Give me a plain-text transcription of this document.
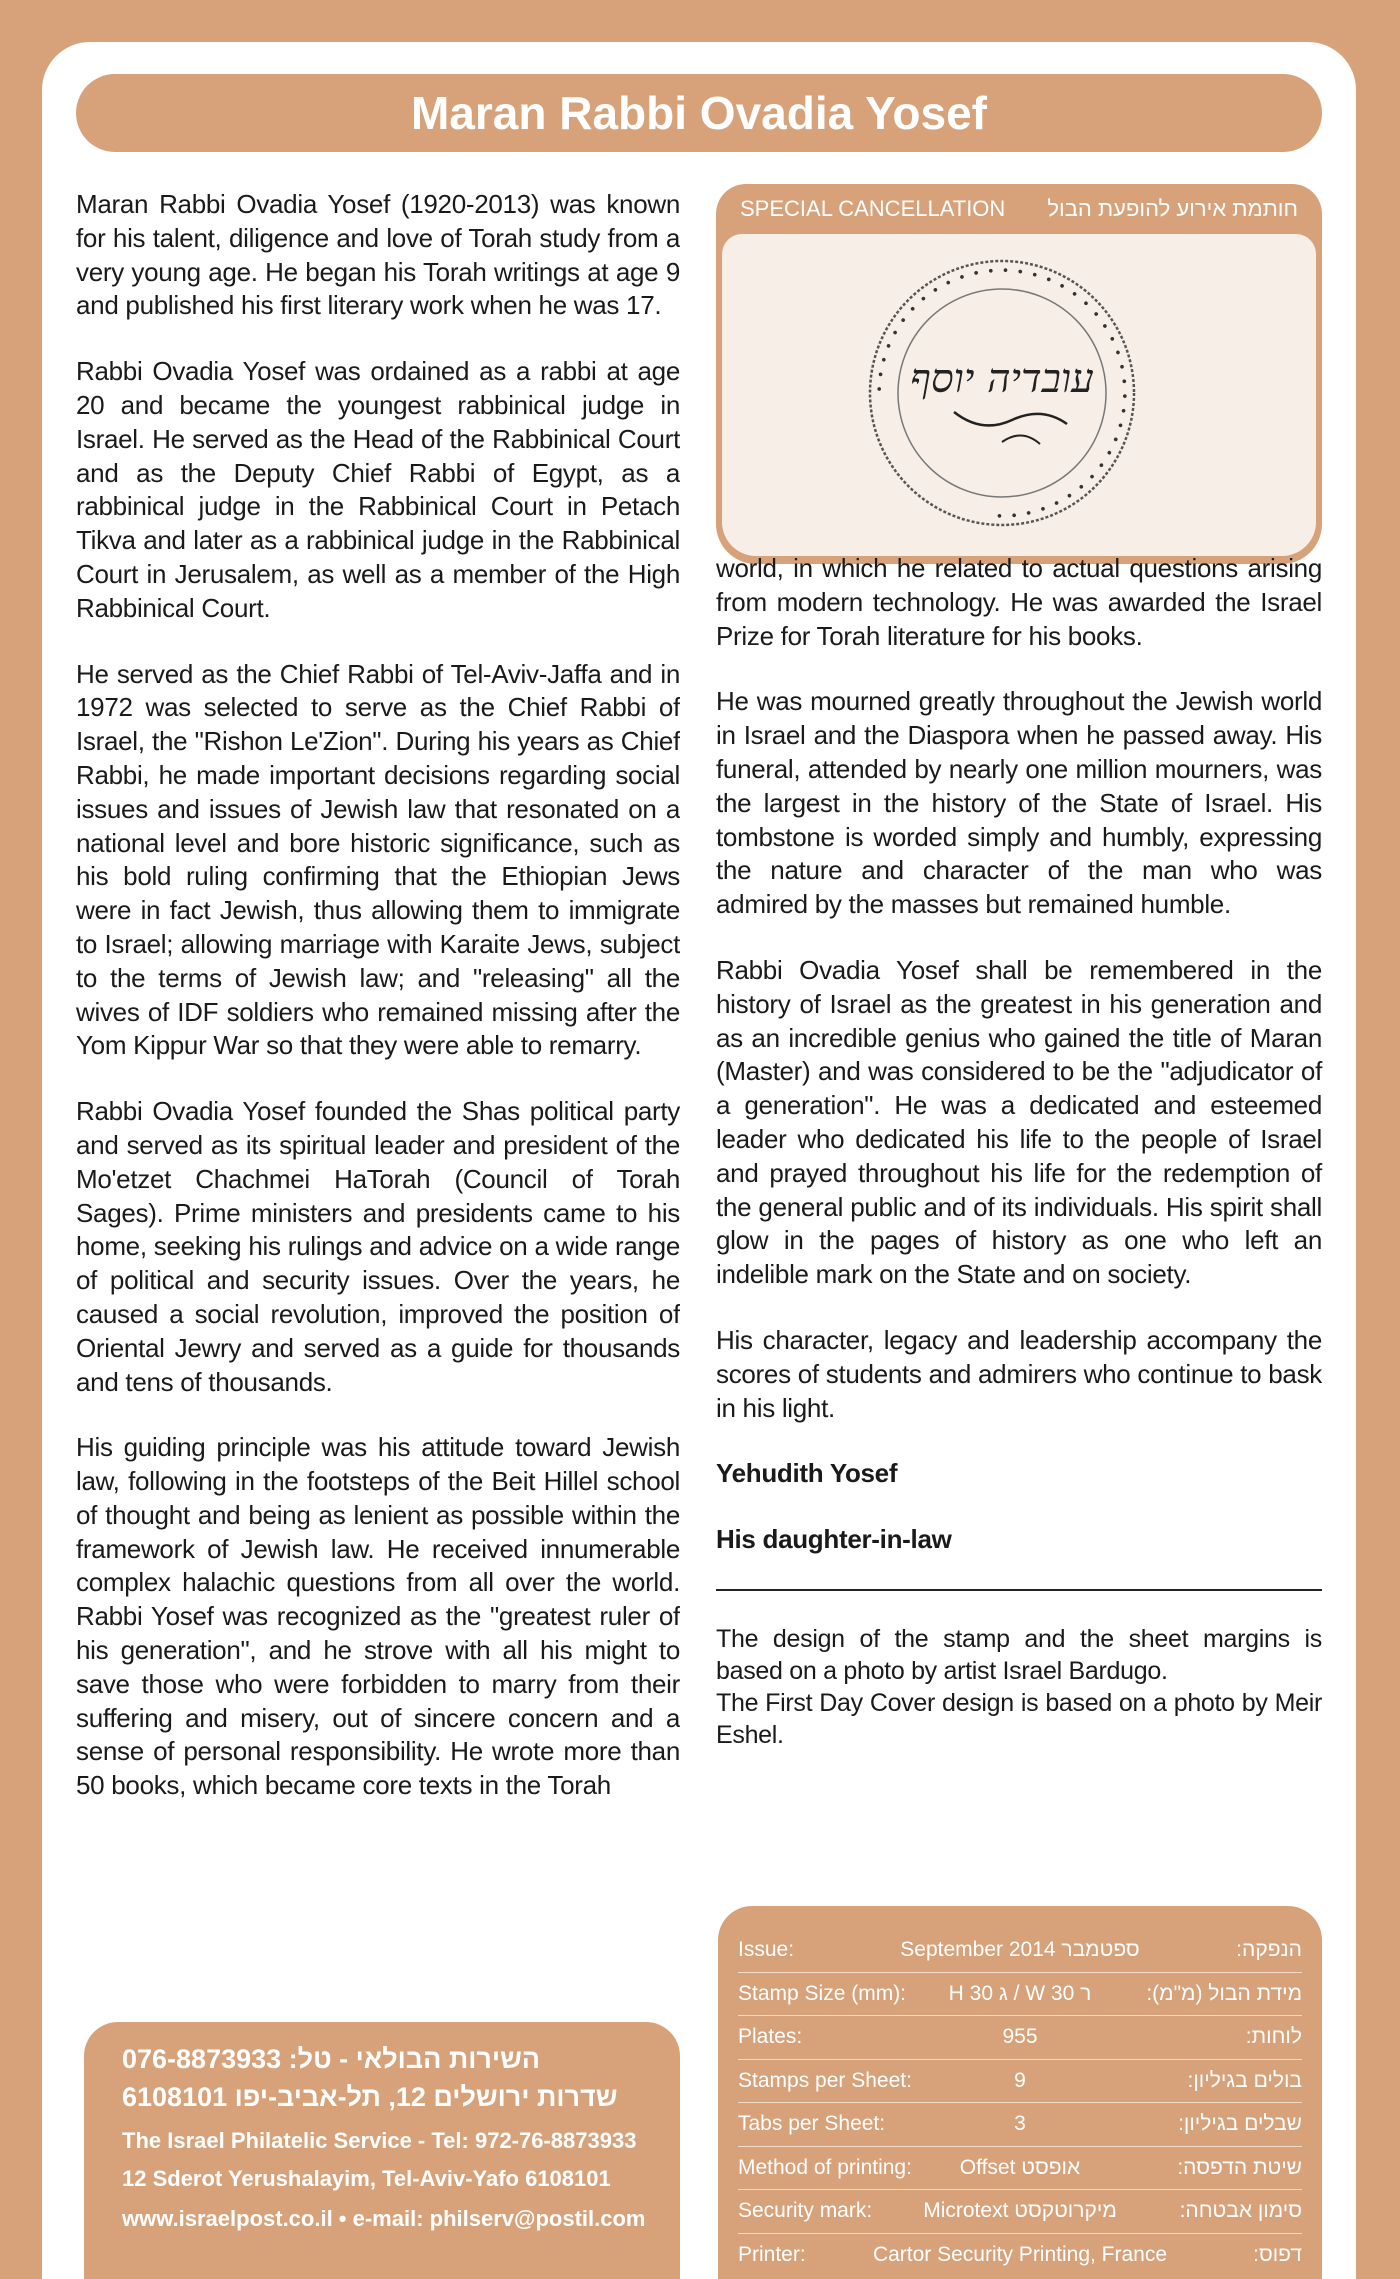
Maran Rabbi Ovadia Yosef

Maran Rabbi Ovadia Yosef (1920-2013) was known for his talent, diligence and love of Torah study from a very young age. He began his Torah writings at age 9 and published his first literary work when he was 17.

Rabbi Ovadia Yosef was ordained as a rabbi at age 20 and became the youngest rabbinical judge in Israel. He served as the Head of the Rabbinical Court and as the Deputy Chief Rabbi of Egypt, as a rabbinical judge in the Rabbinical Court in Petach Tikva and later as a rabbinical judge in the Rabbinical Court in Jerusalem, as well as a member of the High Rabbinical Court.

He served as the Chief Rabbi of Tel-Aviv-Jaffa and in 1972 was selected to serve as the Chief Rabbi of Israel, the "Rishon Le'Zion". During his years as Chief Rabbi, he made important decisions regarding social issues and issues of Jewish law that resonated on a national level and bore historic significance, such as his bold ruling confirming that the Ethiopian Jews were in fact Jewish, thus allowing them to immigrate to Israel; allowing marriage with Karaite Jews, subject to the terms of Jewish law; and "releasing" all the wives of IDF soldiers who remained missing after the Yom Kippur War so that they were able to remarry.

Rabbi Ovadia Yosef founded the Shas political party and served as its spiritual leader and president of the Mo'etzet Chachmei HaTorah (Council of Torah Sages). Prime ministers and presidents came to his home, seeking his rulings and advice on a wide range of political and security issues. Over the years, he caused a social revolution, improved the position of Oriental Jewry and served as a guide for thousands and tens of thousands.

His guiding principle was his attitude toward Jewish law, following in the footsteps of the Beit Hillel school of thought and being as lenient as possible within the framework of Jewish law. He received innumerable complex halachic questions from all over the world. Rabbi Yosef was recognized as the "greatest ruler of his generation", and he strove with all his might to save those who were forbidden to marry from their suffering and misery, out of sincere concern and a sense of personal responsibility. He wrote more than 50 books, which became core texts in the Torah

SPECIAL CANCELLATION חותמת אירוע להופעת הבול
• • • • • • • • • • • • • • • • • • • • • • • • • • • • • • • • • • • • • • • •
עובדיה יוסף

world, in which he related to actual questions arising from modern technology. He was awarded the Israel Prize for Torah literature for his books.

He was mourned greatly throughout the Jewish world in Israel and the Diaspora when he passed away. His funeral, attended by nearly one million mourners, was the largest in the history of the State of Israel. His tombstone is worded simply and humbly, expressing the nature and character of the man who was admired by the masses but remained humble.

Rabbi Ovadia Yosef shall be remembered in the history of Israel as the greatest in his generation and as an incredible genius who gained the title of Maran (Master) and was considered to be the "adjudicator of a generation". He was a dedicated and esteemed leader who dedicated his life to the people of Israel and prayed throughout his life for the redemption of the general public and of its individuals. His spirit shall glow in the pages of history as one who left an indelible mark on the State and on society.

His character, legacy and leadership accompany the scores of students and admirers who continue to bask in his light.

Yehudith Yosef

His daughter-in-law

The design of the stamp and the sheet margins is based on a photo by artist Israel Bardugo.
The First Day Cover design is based on a photo by Meir Eshel.
השירות הבולאי - טל: 076-8873933
שדרות ירושלים 12, תל-אביב-יפו 6108101
The Israel Philatelic Service - Tel: 972-76-8873933
12 Sderot Yerushalayim, Tel-Aviv-Yafo 6108101
www.israelpost.co.il • e-mail: philserv@postil.com
Issue:	September 2014 ספטמבר	הנפקה:
Stamp Size (mm):	H 30 ג / W 30 ר	מידת הבול (מ"מ):
Plates:	955	לוחות:
Stamps per Sheet:	9	בולים בגיליון:
Tabs per Sheet:	3	שבלים בגיליון:
Method of printing:	Offset אופסט	שיטת הדפסה:
Security mark:	Microtext מיקרוטקסט	סימון אבטחה:
Printer:	Cartor Security Printing, France	דפוס:
